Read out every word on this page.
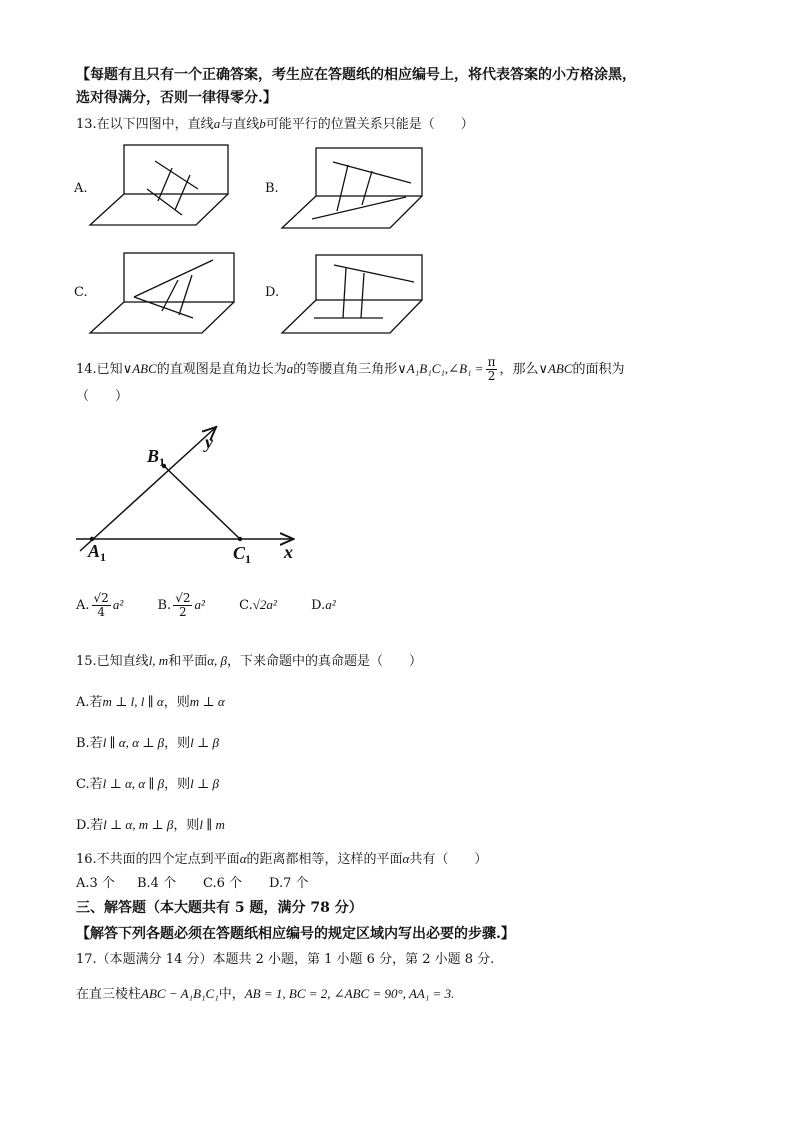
【每题有且只有一个正确答案，考生应在答题纸的相应编号上，将代表答案的小方格涂黑，
选对得满分，否则一律得零分.】
13.在以下四图中，直线a与直线b可能平行的位置关系只能是（　　）
A.	B.
C.	D.
14.已知∨ABC的直观图是直角边长为a的等腰直角三角形∨A₁B₁C₁,∠B₁ = $\frac{\pi}{2}$ ，那么∨ABC的面积为
（　　）
y
x
$B_1$
$A_1$	$C_1$
A. $\frac{√2}{4} a^2$	B. $\frac{√2}{2} a^2$	C.√2a²	D.a²
15.已知直线l, m和平面α, β，下来命题中的真命题是（　　）
A.若m ⊥ l, l ∥ α，则m ⊥ α
B.若l ∥ α, α ⊥ β，则l ⊥ β
C.若l ⊥ α, α ∥ β，则l ⊥ β
D.若l ⊥ α, m ⊥ β，则l ∥ m
16.不共面的四个定点到平面α的距离都相等，这样的平面α共有（　　）
A.3 个 B.4 个 C.6 个 D.7 个
三、解答题（本大题共有 5 题，满分 78 分）
【解答下列各题必须在答题纸相应编号的规定区域内写出必要的步骤.】
17.（本题满分 14 分）本题共 2 小题，第 1 小题 6 分，第 2 小题 8 分.
在直三棱柱ABC − A₁B₁C₁中，AB = 1, BC = 2, ∠ABC = 90°, AA₁ = 3.
